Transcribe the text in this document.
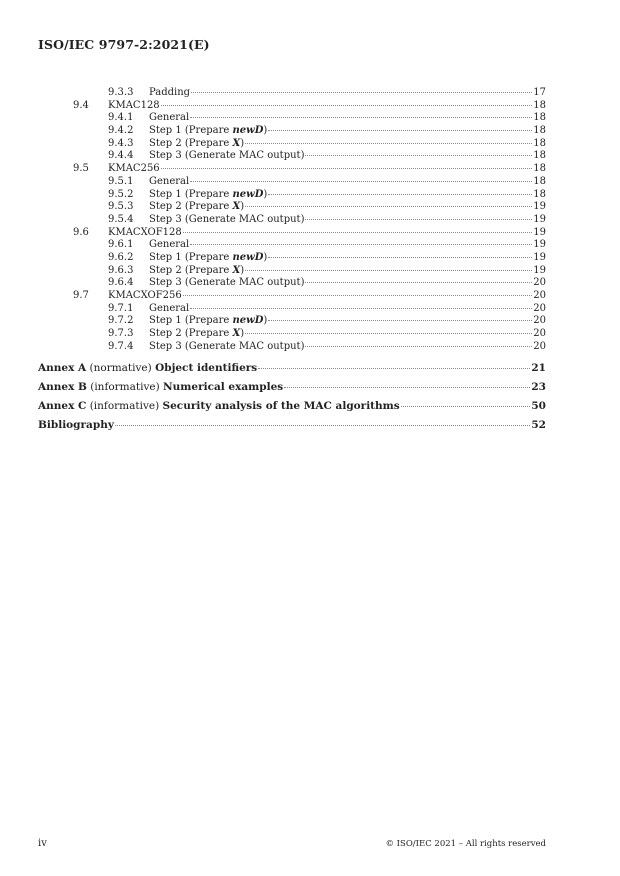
ISO/IEC 9797-2:2021(E)
9.3.3	Padding	17
9.4	KMAC128	18
9.4.1	General	18
9.4.2	Step 1 (Prepare newD)	18
9.4.3	Step 2 (Prepare X)	18
9.4.4	Step 3 (Generate MAC output)	18
9.5	KMAC256	18
9.5.1	General	18
9.5.2	Step 1 (Prepare newD)	18
9.5.3	Step 2 (Prepare X)	19
9.5.4	Step 3 (Generate MAC output)	19
9.6	KMACXOF128	19
9.6.1	General	19
9.6.2	Step 1 (Prepare newD)	19
9.6.3	Step 2 (Prepare X)	19
9.6.4	Step 3 (Generate MAC output)	20
9.7	KMACXOF256	20
9.7.1	General	20
9.7.2	Step 1 (Prepare newD)	20
9.7.3	Step 2 (Prepare X)	20
9.7.4	Step 3 (Generate MAC output)	20
Annex A (normative) Object identifiers	21
Annex B (informative) Numerical examples	23
Annex C (informative) Security analysis of the MAC algorithms	50
Bibliography	52
iv	© ISO/IEC 2021 – All rights reserved
